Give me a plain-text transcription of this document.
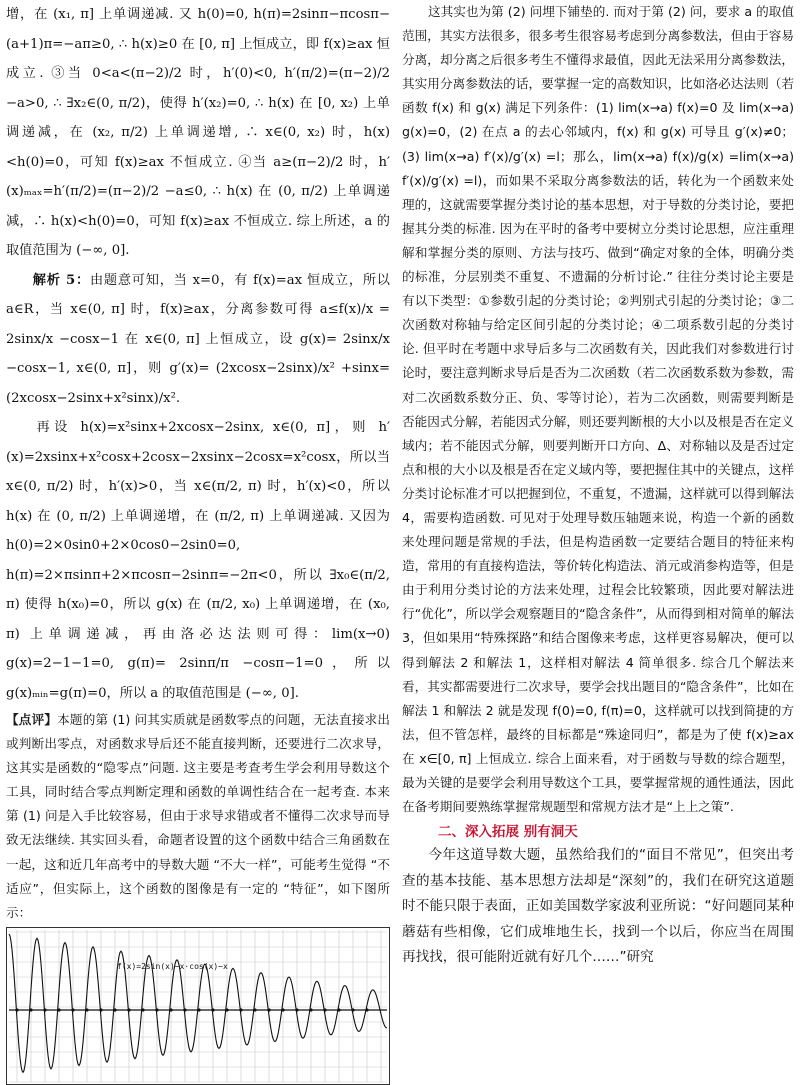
增，在 (x₁, π] 上单调递减. 又 h(0)=0, h(π)=2sinπ−πcosπ−(a+1)π=−aπ≥0, ∴ h(x)≥0 在 [0, π] 上恒成立，即 f(x)≥ax 恒成立. ③当 0<a<(π−2)/2 时，h′(0)<0, h′(π/2)=(π−2)/2 −a>0, ∴ ∃x₂∈(0, π/2)，使得 h′(x₂)=0, ∴ h(x) 在 [0, x₂) 上单调递减，在 (x₂, π/2) 上单调递增, ∴ x∈(0, x₂) 时，h(x)<h(0)=0，可知 f(x)≥ax 不恒成立. ④当 a≥(π−2)/2 时，h′(x)ₘₐₓ=h′(π/2)=(π−2)/2 −a≤0, ∴ h(x) 在 (0, π/2) 上单调递减，∴ h(x)<h(0)=0，可知 f(x)≥ax 不恒成立. 综上所述，a 的取值范围为 (−∞, 0].

解析 5：由题意可知，当 x=0，有 f(x)=ax 恒成立，所以 a∈R，当 x∈(0, π] 时，f(x)≥ax，分离参数可得 a≤f(x)/x = 2sinx/x −cosx−1 在 x∈(0, π] 上恒成立，设 g(x)= 2sinx/x −cosx−1, x∈(0, π]，则 g′(x)= (2xcosx−2sinx)/x² +sinx= (2xcosx−2sinx+x²sinx)/x².

再设 h(x)=x²sinx+2xcosx−2sinx, x∈(0, π]，则 h′(x)=2xsinx+x²cosx+2cosx−2xsinx−2cosx=x²cosx，所以当 x∈(0, π/2) 时，h′(x)>0，当 x∈(π/2, π) 时，h′(x)<0，所以 h(x) 在 (0, π/2) 上单调递增，在 (π/2, π) 上单调递减. 又因为 h(0)=2×0sin0+2×0cos0−2sin0=0, h(π)=2×πsinπ+2×πcosπ−2sinπ=−2π<0，所以 ∃x₀∈(π/2, π) 使得 h(x₀)=0，所以 g(x) 在 (π/2, x₀) 上单调递增，在 (x₀, π) 上单调递减，再由洛必达法则可得：lim(x→0) g(x)=2−1−1=0, g(π)= 2sinπ/π −cosπ−1=0，所以 g(x)ₘᵢₙ=g(π)=0，所以 a 的取值范围是 (−∞, 0].

【点评】本题的第 (1) 问其实质就是函数零点的问题，无法直接求出或判断出零点，对函数求导后还不能直接判断，还要进行二次求导，这其实是函数的“隐零点”问题. 这主要是考查考生学会利用导数这个工具，同时结合零点判断定理和函数的单调性结合在一起考查. 本来第 (1) 问是入手比较容易，但由于求导求错或者不懂得二次求导而导致无法继续. 其实回头看，命题者设置的这个函数中结合三角函数在一起，这和近几年高考中的导数大题 “不大一样”，可能考生觉得 “不适应”，但实际上，这个函数的图像是有一定的 “特征”，如下图所示：

f(x)=2sin(x)−x·cos(x)−x

这其实也为第 (2) 问埋下铺垫的. 而对于第 (2) 问，要求 a 的取值范围，其实方法很多，很多考生很容易考虑到分离参数法，但由于容易分离，却分离之后很多考生不懂得求最值，因此无法采用分离参数法，其实用分离参数法的话，要掌握一定的高数知识，比如洛必达法则（若函数 f(x) 和 g(x) 满足下列条件：(1) lim(x→a) f(x)=0 及 lim(x→a) g(x)=0，(2) 在点 a 的去心邻域内，f(x) 和 g(x) 可导且 g′(x)≠0；(3) lim(x→a) f′(x)/g′(x) =l；那么，lim(x→a) f(x)/g(x) =lim(x→a) f′(x)/g′(x) =l)，而如果不采取分离参数法的话，转化为一个函数来处理的，这就需要掌握分类讨论的基本思想，对于导数的分类讨论，要把握其分类的标准. 因为在平时的备考中要树立分类讨论思想，应注重理解和掌握分类的原则、方法与技巧、做到“确定对象的全体，明确分类的标准，分层别类不重复、不遗漏的分析讨论.” 往往分类讨论主要是有以下类型：①参数引起的分类讨论；②判别式引起的分类讨论；③二次函数对称轴与给定区间引起的分类讨论；④二项系数引起的分类讨论. 但平时在考题中求导后多与二次函数有关，因此我们对参数进行讨论时，要注意判断求导后是否为二次函数（若二次函数系数为参数，需对二次函数系数分正、负、零等讨论），若为二次函数，则需要判断是否能因式分解，若能因式分解，则还要判断根的大小以及根是否在定义域内；若不能因式分解，则要判断开口方向、Δ、对称轴以及是否过定点和根的大小以及根是否在定义域内等，要把握住其中的关键点，这样分类讨论标准才可以把握到位，不重复，不遗漏，这样就可以得到解法 4，需要构造函数. 可见对于处理导数压轴题来说，构造一个新的函数来处理问题是常规的手法，但是构造函数一定要结合题目的特征来构造，常用的有直接构造法，等价转化构造法、消元或消参构造等，但是由于利用分类讨论的方法来处理，过程会比较繁琐，因此要对解法进行“优化”，所以学会观察题目的“隐含条件”，从而得到相对简单的解法 3，但如果用“特殊探路”和结合图像来考虑，这样更容易解决，便可以得到解法 2 和解法 1，这样相对解法 4 简单很多. 综合几个解法来看，其实都需要进行二次求导，要学会找出题目的“隐含条件”，比如在解法 1 和解法 2 就是发现 f(0)=0, f(π)=0，这样就可以找到简捷的方法，但不管怎样，最终的目标都是“殊途同归”，都是为了使 f(x)≥ax 在 x∈[0, π] 上恒成立. 综合上面来看，对于函数与导数的综合题型，最为关键的是要学会利用导数这个工具，要掌握常规的通性通法，因此在备考期间要熟练掌握常规题型和常规方法才是“上上之策”.

二、深入拓展 别有洞天

今年这道导数大题，虽然给我们的“面目不常见”，但突出考查的基本技能、基本思想方法却是“深刻”的，我们在研究这道题时不能只限于表面，正如美国数学家波利亚所说：“好问题同某种蘑菇有些相像，它们成堆地生长，找到一个以后，你应当在周围再找找，很可能附近就有好几个……”研究
